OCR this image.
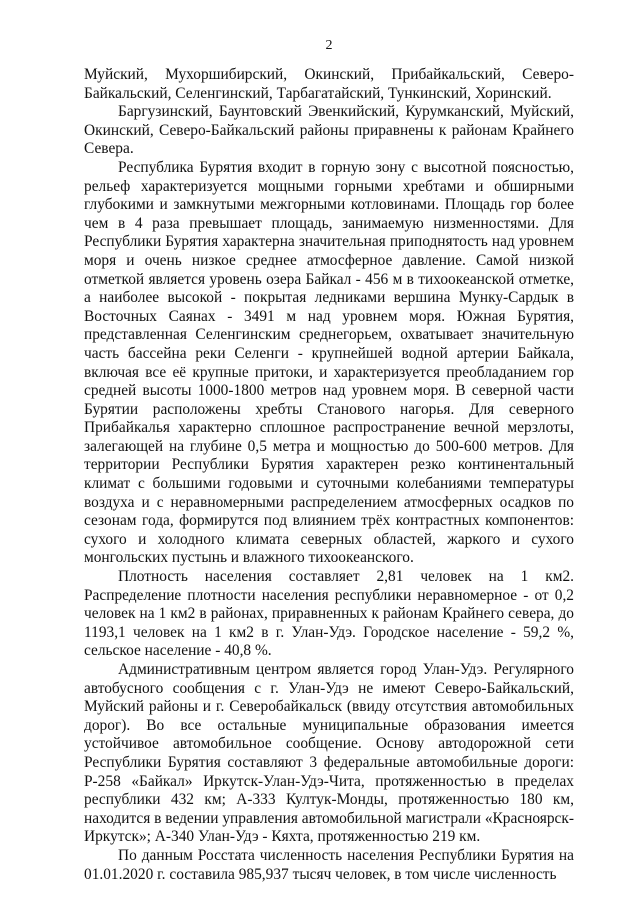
2

Муйский, Мухоршибирский, Окинский, Прибайкальский, Северо-Байкальский, Селенгинский, Тарбагатайский, Тункинский, Хоринский.

Баргузинский, Баунтовский Эвенкийский, Курумканский, Муйский, Окинский, Северо-Байкальский районы приравнены к районам Крайнего Севера.

Республика Бурятия входит в горную зону с высотной поясностью, рельеф характеризуется мощными горными хребтами и обширными глубокими и замкнутыми межгорными котловинами. Площадь гор более чем в 4 раза превышает площадь, занимаемую низменностями. Для Республики Бурятия характерна значительная приподнятость над уровнем моря и очень низкое среднее атмосферное давление. Самой низкой отметкой является уровень озера Байкал - 456 м в тихоокеанской отметке, а наиболее высокой - покрытая ледниками вершина Мунку-Сардык в Восточных Саянах - 3491 м над уровнем моря. Южная Бурятия, представленная Селенгинским среднегорьем, охватывает значительную часть бассейна реки Селенги - крупнейшей водной артерии Байкала, включая все её крупные притоки, и характеризуется преобладанием гор средней высоты 1000-1800 метров над уровнем моря. В северной части Бурятии расположены хребты Станового нагорья. Для северного Прибайкалья характерно сплошное распространение вечной мерзлоты, залегающей на глубине 0,5 метра и мощностью до 500-600 метров. Для территории Республики Бурятия характерен резко континентальный климат с большими годовыми и суточными колебаниями температуры воздуха и с неравномерными распределением атмосферных осадков по сезонам года, формирутся под влиянием трёх контрастных компонентов: сухого и холодного климата северных областей, жаркого и сухого монгольских пустынь и влажного тихоокеанского.

Плотность населения составляет 2,81 человек на 1 км2. Распределение плотности населения республики неравномерное - от 0,2 человек на 1 км2 в районах, приравненных к районам Крайнего севера, до 1193,1 человек на 1 км2 в г. Улан-Удэ. Городское население - 59,2 %, сельское население - 40,8 %.

Административным центром является город Улан-Удэ. Регулярного автобусного сообщения с г. Улан-Удэ не имеют Северо-Байкальский, Муйский районы и г. Северобайкальск (ввиду отсутствия автомобильных дорог). Во все остальные муниципальные образования имеется устойчивое автомобильное сообщение. Основу автодорожной сети Республики Бурятия составляют 3 федеральные автомобильные дороги: Р-258 «Байкал» Иркутск-Улан-Удэ-Чита, протяженностью в пределах республики 432 км; А-333 Култук-Монды, протяженностью 180 км, находится в ведении управления автомобильной магистрали «Красноярск-Иркутск»; А-340 Улан-Удэ - Кяхта, протяженностью 219 км.

По данным Росстата численность населения Республики Бурятия на 01.01.2020 г. составила 985,937 тысяч человек, в том числе численность
